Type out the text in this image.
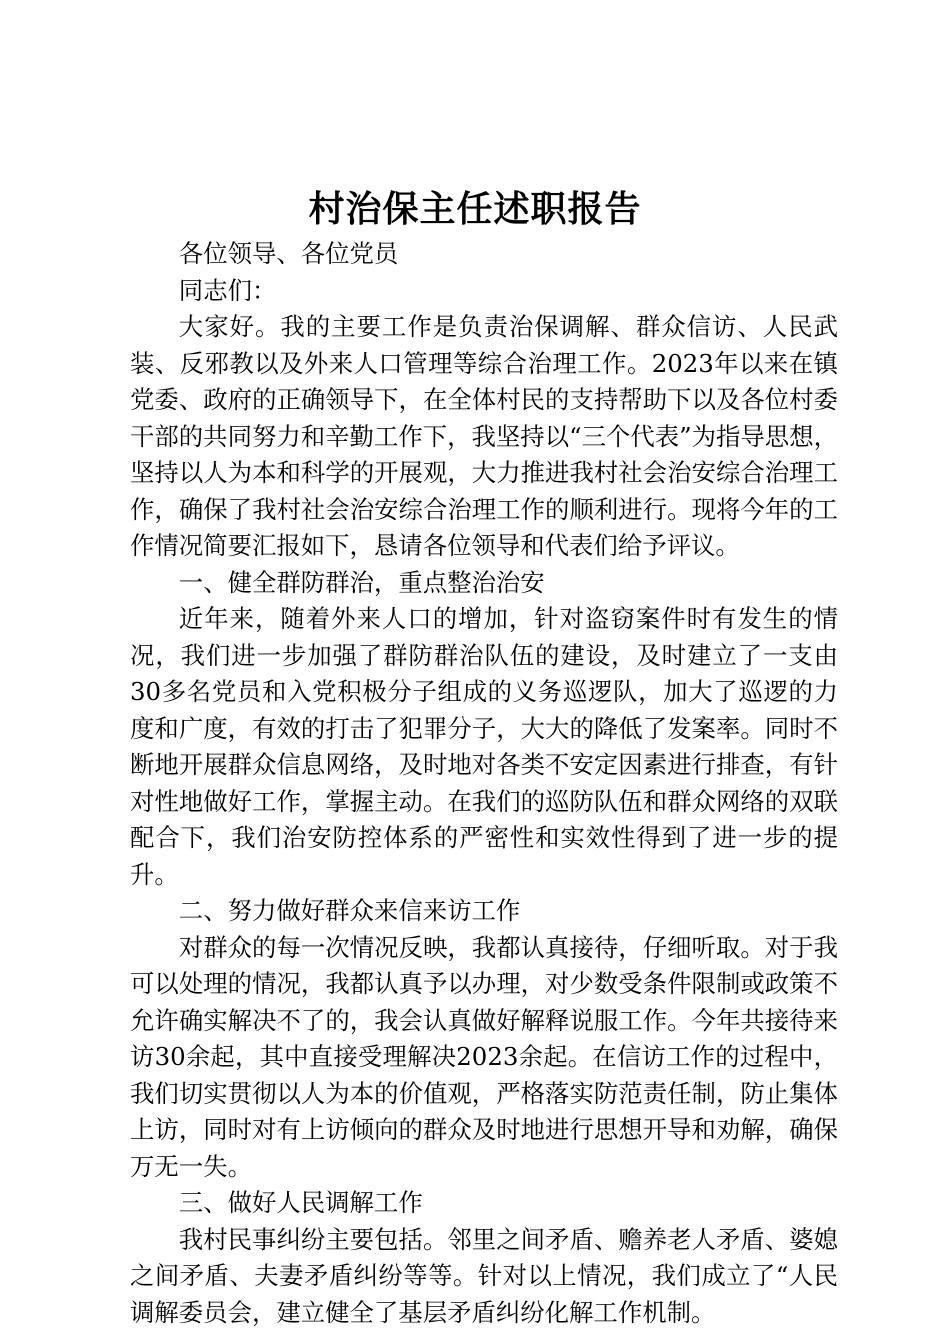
村治保主任述职报告

各位领导、各位党员

同志们：

大家好。我的主要工作是负责治保调解、群众信访、人民武装、反邪教以及外来人口管理等综合治理工作。2023年以来在镇党委、政府的正确领导下，在全体村民的支持帮助下以及各位村委干部的共同努力和辛勤工作下，我坚持以“三个代表”为指导思想，坚持以人为本和科学的开展观，大力推进我村社会治安综合治理工作，确保了我村社会治安综合治理工作的顺利进行。现将今年的工作情况简要汇报如下，恳请各位领导和代表们给予评议。

一、健全群防群治，重点整治治安

近年来，随着外来人口的增加，针对盗窃案件时有发生的情况，我们进一步加强了群防群治队伍的建设，及时建立了一支由30多名党员和入党积极分子组成的义务巡逻队，加大了巡逻的力度和广度，有效的打击了犯罪分子，大大的降低了发案率。同时不断地开展群众信息网络，及时地对各类不安定因素进行排查，有针对性地做好工作，掌握主动。在我们的巡防队伍和群众网络的双联配合下，我们治安防控体系的严密性和实效性得到了进一步的提升。

二、努力做好群众来信来访工作

对群众的每一次情况反映，我都认真接待，仔细听取。对于我可以处理的情况，我都认真予以办理，对少数受条件限制或政策不允许确实解决不了的，我会认真做好解释说服工作。今年共接待来访30余起，其中直接受理解决2023余起。在信访工作的过程中，我们切实贯彻以人为本的价值观，严格落实防范责任制，防止集体上访，同时对有上访倾向的群众及时地进行思想开导和劝解，确保万无一失。

三、做好人民调解工作

我村民事纠纷主要包括。邻里之间矛盾、赡养老人矛盾、婆媳之间矛盾、夫妻矛盾纠纷等等。针对以上情况，我们成立了“人民调解委员会，建立健全了基层矛盾纠纷化解工作机制。
